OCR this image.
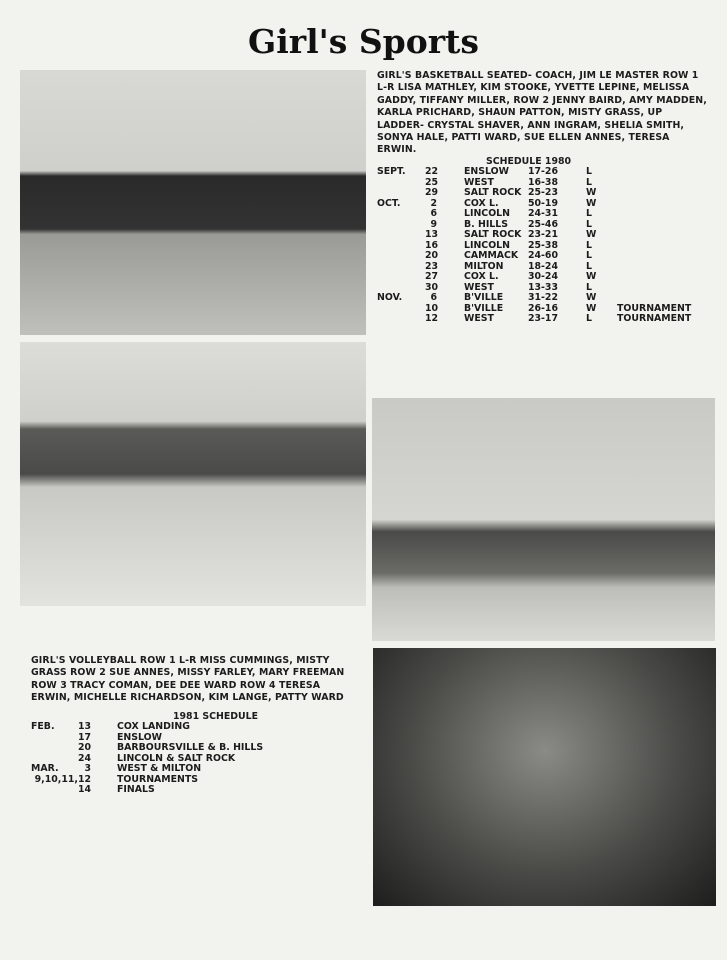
Girl's Sports
GIRL'S BASKETBALL SEATED- COACH, JIM LE MASTER ROW 1 L-R LISA MATHLEY, KIM STOOKE, YVETTE LEPINE, MELISSA GADDY, TIFFANY MILLER, ROW 2 JENNY BAIRD, AMY MADDEN, KARLA PRICHARD, SHAUN PATTON, MISTY GRASS, UP LADDER- CRYSTAL SHAVER, ANN INGRAM, SHELIA SMITH, SONYA HALE, PATTI WARD, SUE ELLEN ANNES, TERESA ERWIN.
SCHEDULE 1980
SEPT. 22	ENSLOW 17-26	L
25	WEST	16-38	L
29	SALT ROCK 25-23	W
OCT.	2	COX L.	50-19	W
6	LINCOLN 24-31	L
9	B. HILLS 25-46	L
13	SALT ROCK 23-21	W
16	LINCOLN 25-38	L
20	CAMMACK 24-60	L
23	MILTON	18-24	L
27	COX L.	30-24	W
30	WEST	13-33	L
NOV.	6	B'VILLE	31-22	W
10	B'VILLE	26-16	W TOURNAMENT
12	WEST	23-17	L	TOURNAMENT
GIRL'S VOLLEYBALL ROW 1 L-R MISS CUMMINGS, MISTY GRASS ROW 2 SUE ANNES, MISSY FARLEY, MARY FREEMAN ROW 3 TRACY COMAN, DEE DEE WARD ROW 4 TERESA ERWIN, MICHELLE RICHARDSON, KIM LANGE, PATTY WARD
1981 SCHEDULE
FEB.	13	COX LANDING
17	ENSLOW
20	BARBOURSVILLE & B. HILLS
24	LINCOLN & SALT ROCK
MAR.	3	WEST & MILTON
9,10,11,12	TOURNAMENTS
14	FINALS
